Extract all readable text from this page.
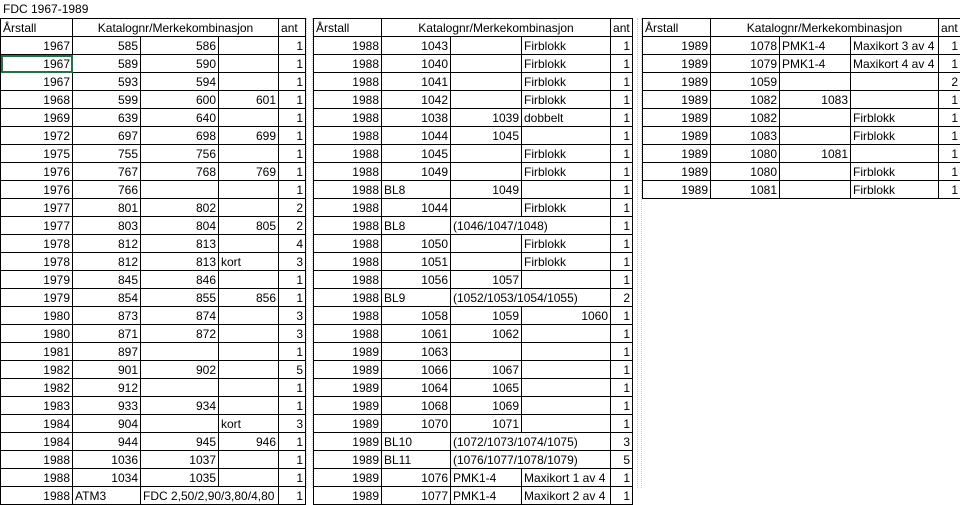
FDC 1967-1989
Årstall	Katalognr/Merkekombinasjon			ant
1967	585	586		1
1967	589	590		1
1967	593	594		1
1968	599	600	601	1
1969	639	640		1
1972	697	698	699	1
1975	755	756		1
1976	767	768	769	1
1976	766			1
1977	801	802		2
1977	803	804	805	2
1978	812	813		4
1978	812	813	kort	3
1979	845	846		1
1979	854	855	856	1
1980	873	874		3
1980	871	872		3
1981	897			1
1982	901	902		5
1982	912			1
1983	933	934		1
1984	904		kort	3
1984	944	945	946	1
1988	1036	1037		1
1988	1034	1035		1
1988	ATM3	FDC 2,50/2,90/3,80/4,80		1
Årstall	Katalognr/Merkekombinasjon			ant
1988	1043		Firblokk	1
1988	1040		Firblokk	1
1988	1041		Firblokk	1
1988	1042		Firblokk	1
1988	1038	1039	dobbelt	1
1988	1044	1045		1
1988	1045		Firblokk	1
1988	1049		Firblokk	1
1988	BL8	1049		1
1988	1044		Firblokk	1
1988	BL8	(1046/1047/1048)		1
1988	1050		Firblokk	1
1988	1051		Firblokk	1
1988	1056	1057		1
1988	BL9	(1052/1053/1054/1055)		2
1988	1058	1059	1060	1
1988	1061	1062		1
1989	1063			1
1989	1066	1067		1
1989	1064	1065		1
1989	1068	1069		1
1989	1070	1071		1
1989	BL10	(1072/1073/1074/1075)		3
1989	BL11	(1076/1077/1078/1079)		5
1989	1076	PMK1-4	Maxikort 1 av 4	1
1989	1077	PMK1-4	Maxikort 2 av 4	1
Årstall	Katalognr/Merkekombinasjon			ant
1989	1078	PMK1-4	Maxikort 3 av 4	1
1989	1079	PMK1-4	Maxikort 4 av 4	1
1989	1059			2
1989	1082	1083		1
1989	1082		Firblokk	1
1989	1083		Firblokk	1
1989	1080	1081		1
1989	1080		Firblokk	1
1989	1081		Firblokk	1
